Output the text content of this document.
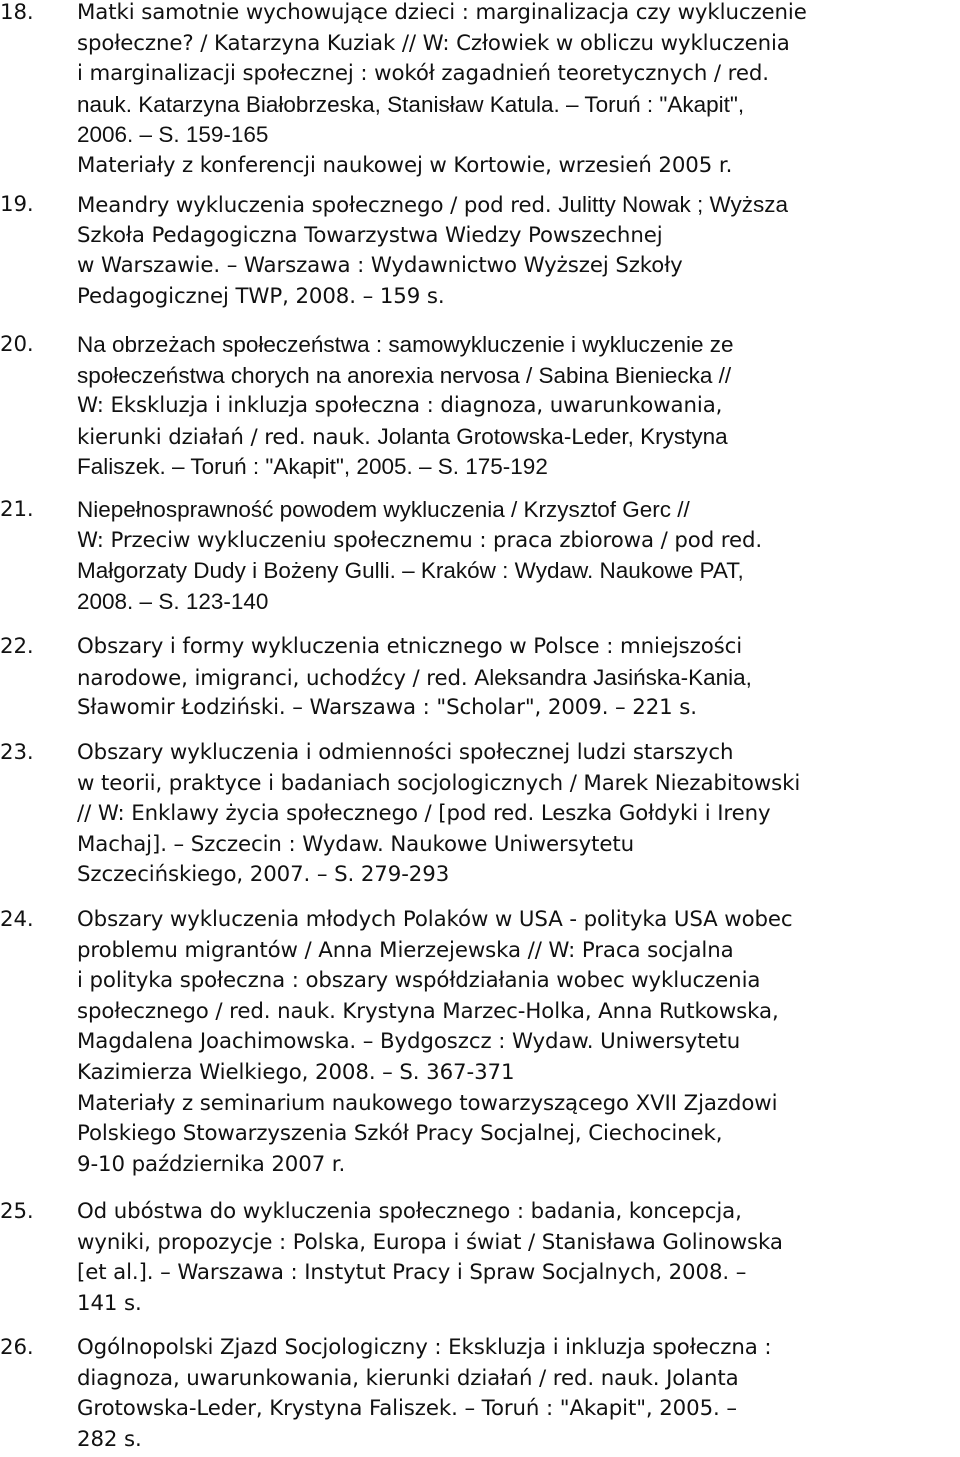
18.	Matki samotnie wychowujące dzieci : marginalizacja czy wykluczenie
społeczne? / Katarzyna Kuziak // W: Człowiek w obliczu wykluczenia
i marginalizacji społecznej : wokół zagadnień teoretycznych / red.
nauk. Katarzyna Białobrzeska, Stanisław Katula. – Toruń : "Akapit",
2006. – S. 159-165
Materiały z konferencji naukowej w Kortowie, wrzesień 2005 r.
19.	Meandry wykluczenia społecznego / pod red. Julitty Nowak ; Wyższa
Szkoła Pedagogiczna Towarzystwa Wiedzy Powszechnej
w Warszawie. – Warszawa : Wydawnictwo Wyższej Szkoły
Pedagogicznej TWP, 2008. – 159 s.
20.	Na obrzeżach społeczeństwa : samowykluczenie i wykluczenie ze
społeczeństwa chorych na anorexia nervosa / Sabina Bieniecka //
W: Ekskluzja i inkluzja społeczna : diagnoza, uwarunkowania,
kierunki działań / red. nauk. Jolanta Grotowska-Leder, Krystyna
Faliszek. – Toruń : "Akapit", 2005. – S. 175-192
21.	Niepełnosprawność powodem wykluczenia / Krzysztof Gerc //
W: Przeciw wykluczeniu społecznemu : praca zbiorowa / pod red.
Małgorzaty Dudy i Bożeny Gulli. – Kraków : Wydaw. Naukowe PAT,
2008. – S. 123-140
22.	Obszary i formy wykluczenia etnicznego w Polsce : mniejszości
narodowe, imigranci, uchodźcy / red. Aleksandra Jasińska-Kania,
Sławomir Łodziński. – Warszawa : "Scholar", 2009. – 221 s.
23.	Obszary wykluczenia i odmienności społecznej ludzi starszych
w teorii, praktyce i badaniach socjologicznych / Marek Niezabitowski
// W: Enklawy życia społecznego / [pod red. Leszka Gołdyki i Ireny
Machaj]. – Szczecin : Wydaw. Naukowe Uniwersytetu
Szczecińskiego, 2007. – S. 279-293
24.	Obszary wykluczenia młodych Polaków w USA - polityka USA wobec
problemu migrantów / Anna Mierzejewska // W: Praca socjalna
i polityka społeczna : obszary współdziałania wobec wykluczenia
społecznego / red. nauk. Krystyna Marzec-Holka, Anna Rutkowska,
Magdalena Joachimowska. – Bydgoszcz : Wydaw. Uniwersytetu
Kazimierza Wielkiego, 2008. – S. 367-371
Materiały z seminarium naukowego towarzyszącego XVII Zjazdowi
Polskiego Stowarzyszenia Szkół Pracy Socjalnej, Ciechocinek,
9-10 października 2007 r.
25.	Od ubóstwa do wykluczenia społecznego : badania, koncepcja,
wyniki, propozycje : Polska, Europa i świat / Stanisława Golinowska
[et al.]. – Warszawa : Instytut Pracy i Spraw Socjalnych, 2008. –
141 s.
26.	Ogólnopolski Zjazd Socjologiczny : Ekskluzja i inkluzja społeczna :
diagnoza, uwarunkowania, kierunki działań / red. nauk. Jolanta
Grotowska-Leder, Krystyna Faliszek. – Toruń : "Akapit", 2005. –
282 s.
